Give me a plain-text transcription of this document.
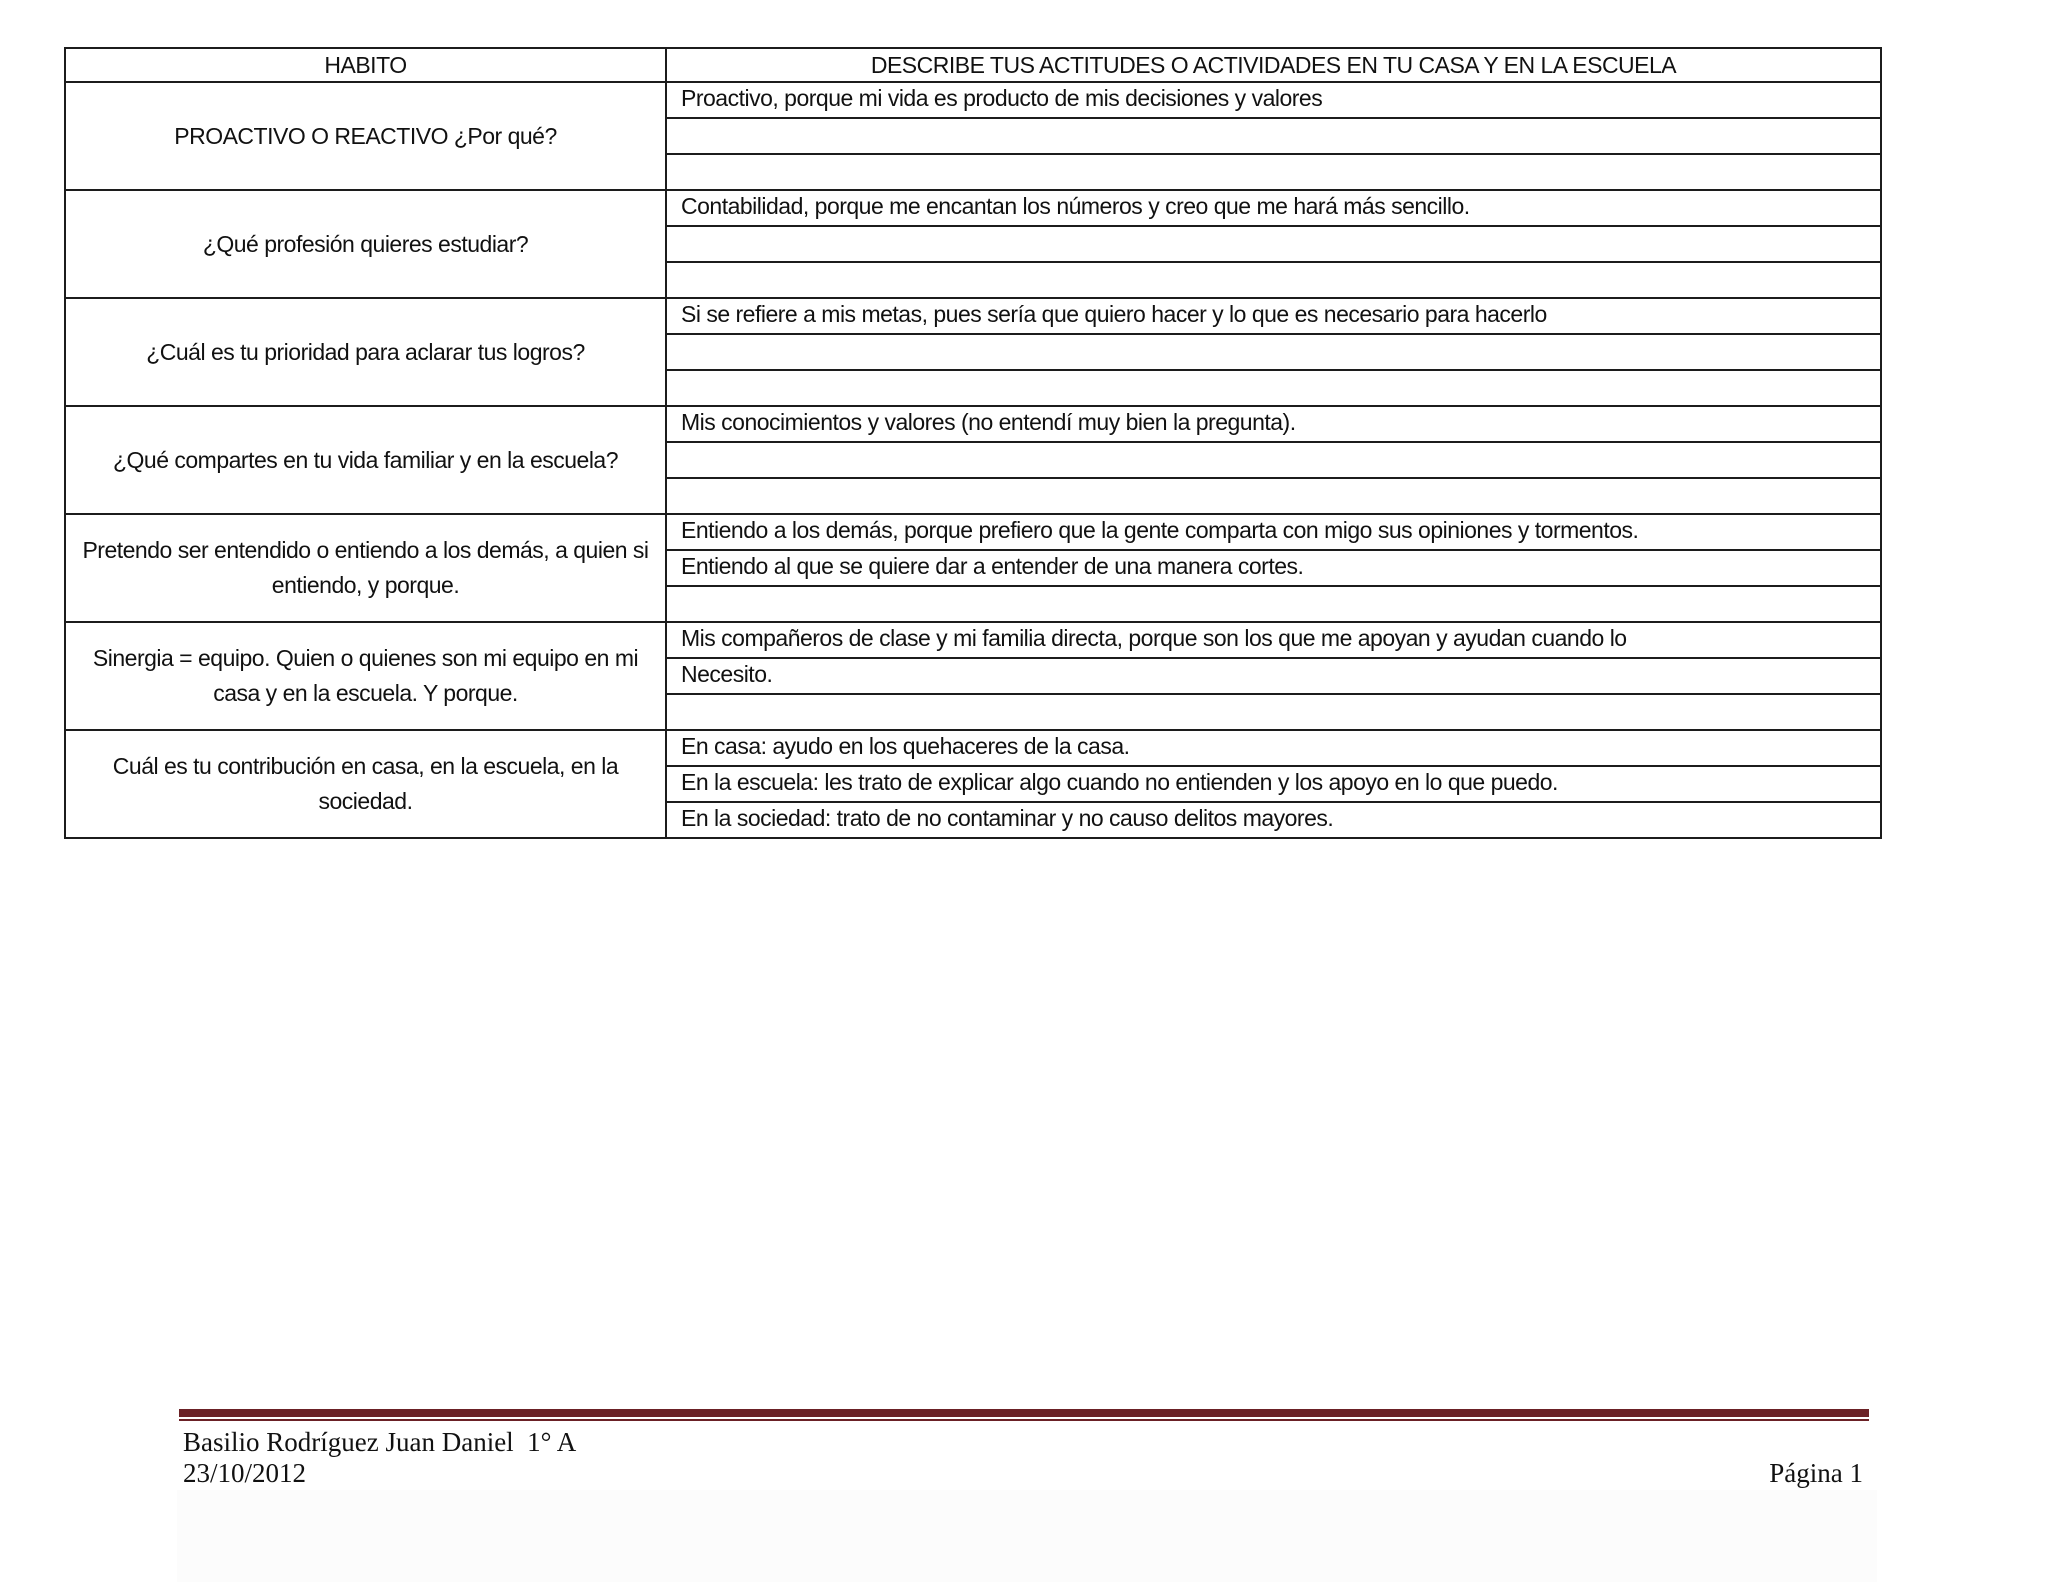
HABITO	DESCRIBE TUS ACTITUDES O ACTIVIDADES EN TU CASA Y EN LA ESCUELA
PROACTIVO O REACTIVO ¿Por qué?	Proactivo, porque mi vida es producto de mis decisiones y valores

¿Qué profesión quieres estudiar?	Contabilidad, porque me encantan los números y creo que me hará más sencillo.

¿Cuál es tu prioridad para aclarar tus logros?	Si se refiere a mis metas, pues sería que quiero hacer y lo que es necesario para hacerlo

¿Qué compartes en tu vida familiar y en la escuela?	Mis conocimientos y valores (no entendí muy bien la pregunta).

Pretendo ser entendido o entiendo a los demás, a quien si entiendo, y porque.	Entiendo a los demás, porque prefiero que la gente comparta con migo sus opiniones y tormentos.
	Entiendo al que se quiere dar a entender de una manera cortes.

Sinergia = equipo. Quien o quienes son mi equipo en mi casa y en la escuela. Y porque.	Mis compañeros de clase y mi familia directa, porque son los que me apoyan y ayudan cuando lo
	Necesito.

Cuál es tu contribución en casa, en la escuela, en la sociedad.	En casa: ayudo en los quehaceres de la casa.
	En la escuela: les trato de explicar algo cuando no entienden y los apoyo en lo que puedo.
	En la sociedad: trato de no contaminar y no causo delitos mayores.
Basilio Rodríguez Juan Daniel  1° A
23/10/2012	Página 1
